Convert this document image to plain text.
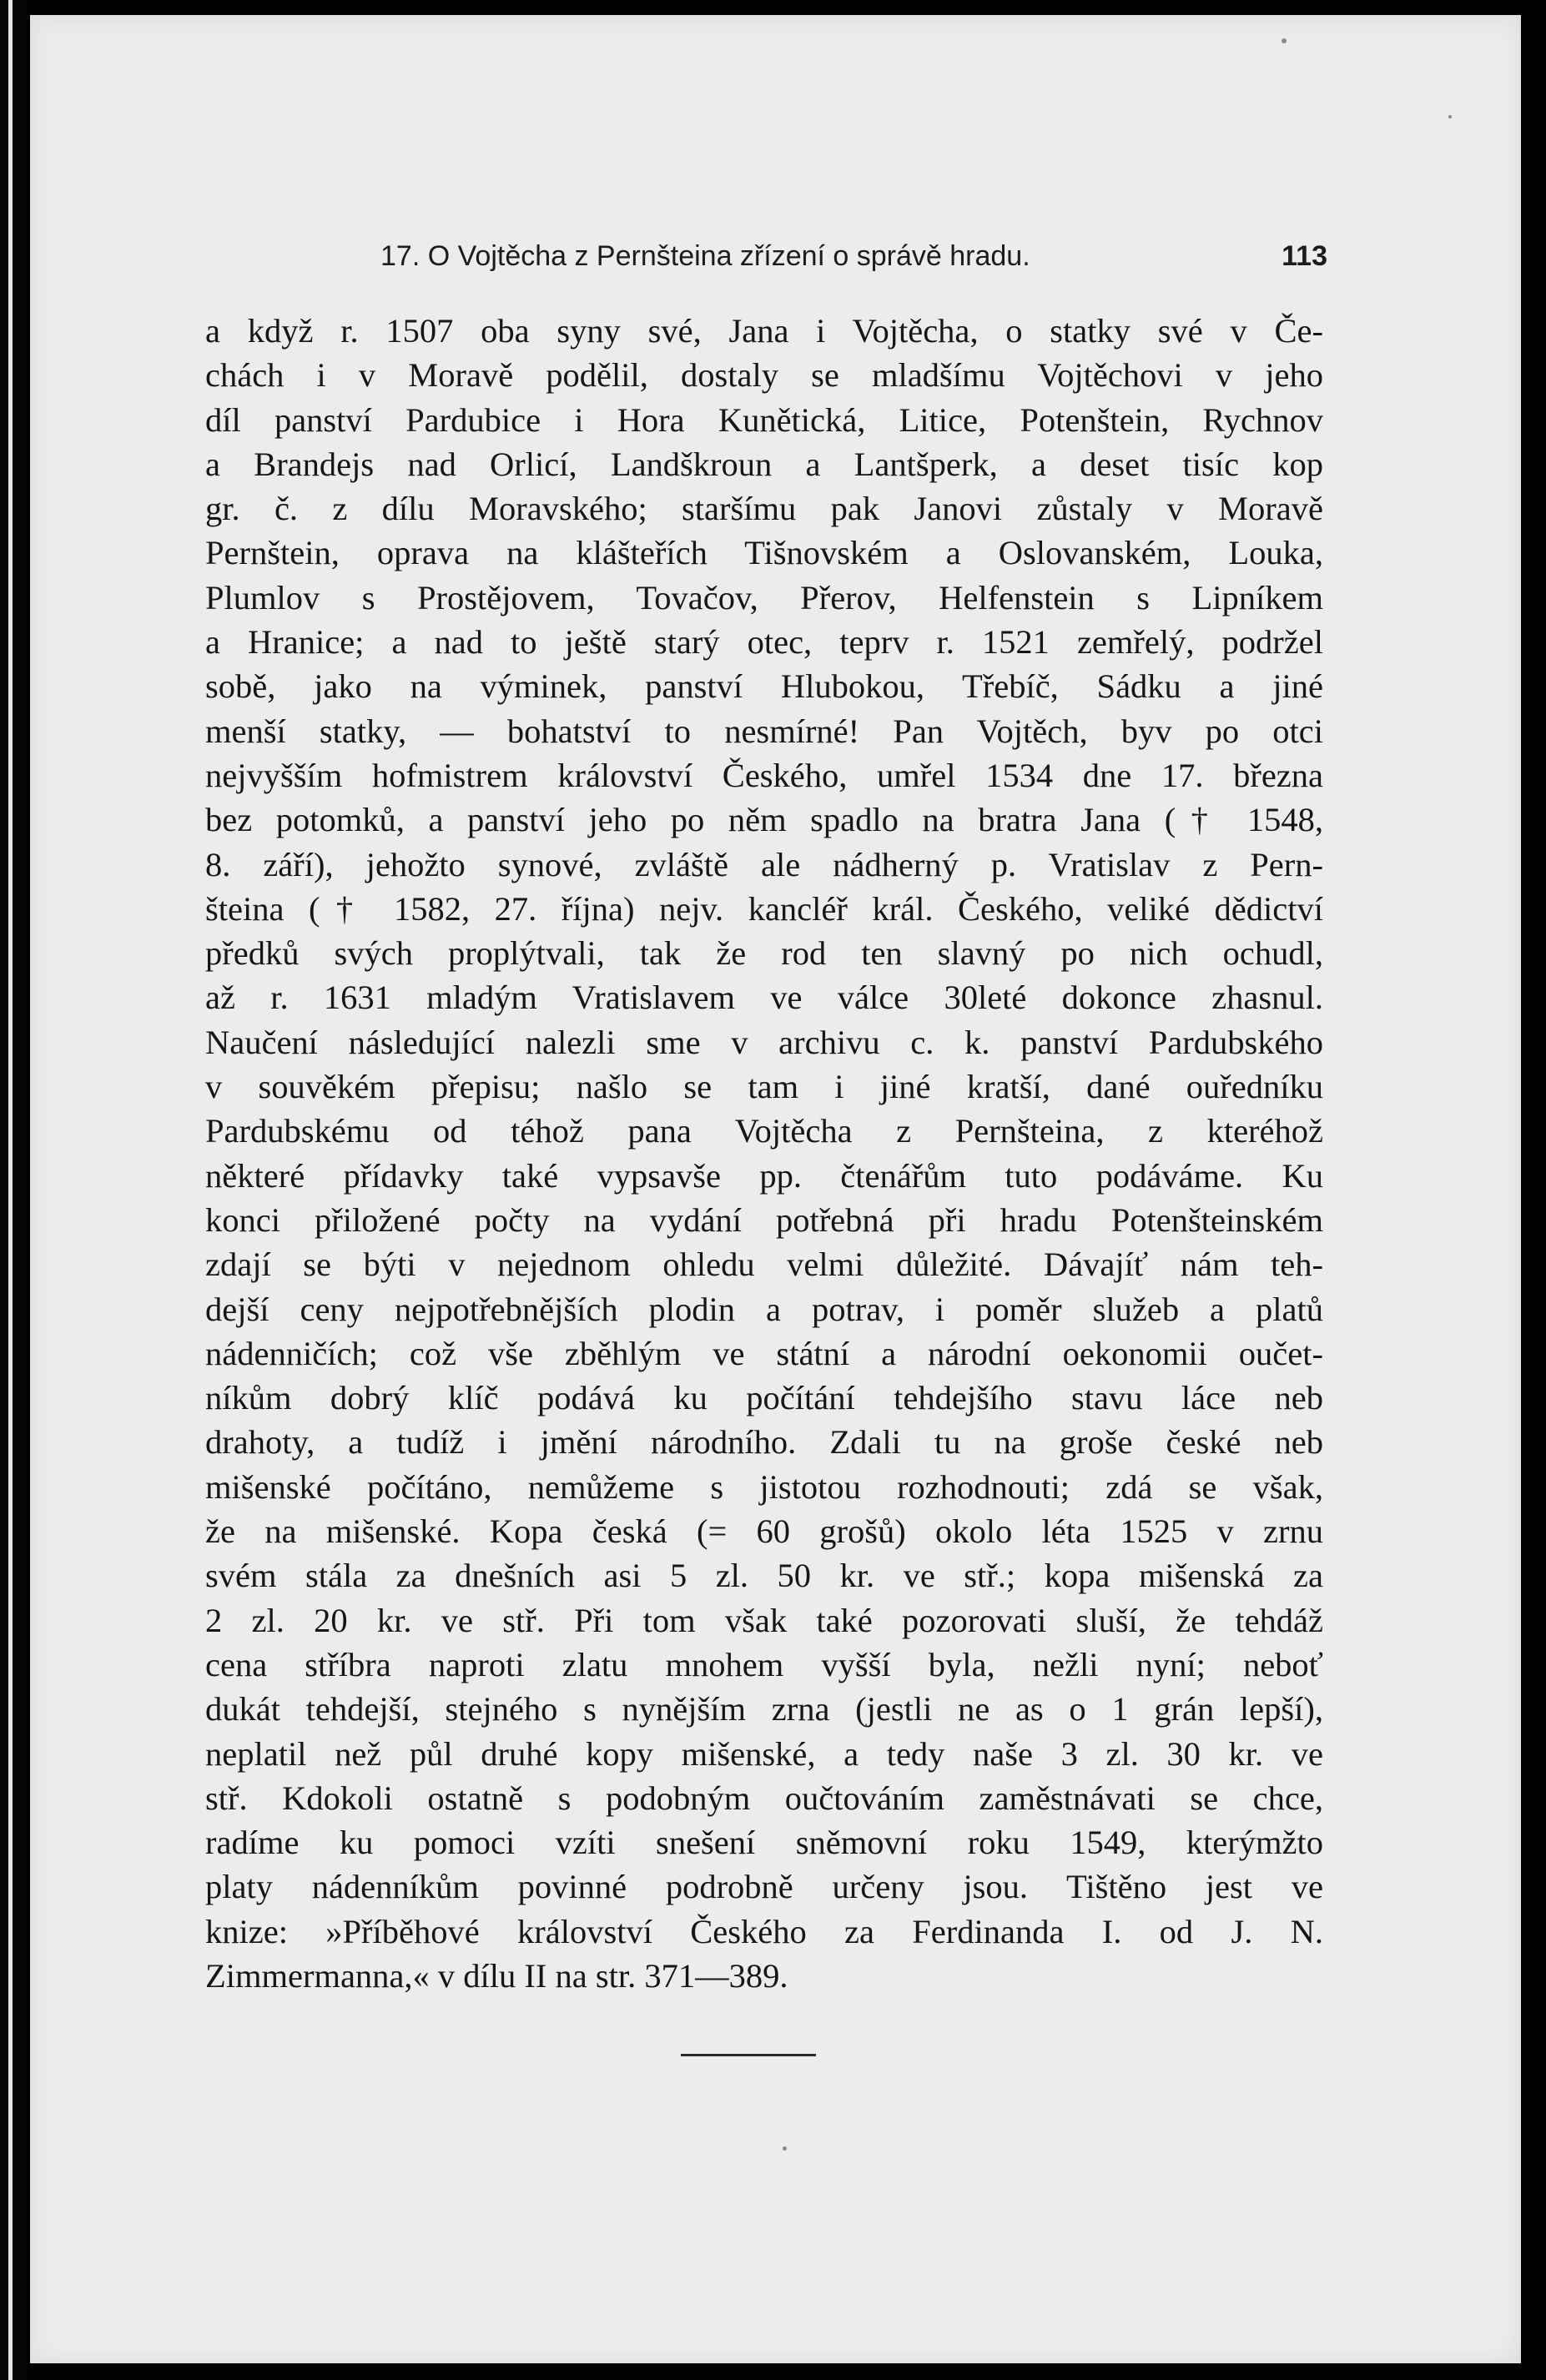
17. O Vojtěcha z Pernšteina zřízení o správě hradu.	113
a když r. 1507 oba syny své, Jana i Vojtěcha, o statky své v Če-
chách i v Moravě podělil, dostaly se mladšímu Vojtěchovi v jeho
díl panství Pardubice i Hora Kunětická, Litice, Potenštein, Rychnov
a Brandejs nad Orlicí, Landškroun a Lantšperk, a deset tisíc kop
gr. č. z dílu Moravského; staršímu pak Janovi zůstaly v Moravě
Pernštein, oprava na klášteřích Tišnovském a Oslovanském, Louka,
Plumlov s Prostějovem, Tovačov, Přerov, Helfenstein s Lipníkem
a Hranice; a nad to ještě starý otec, teprv r. 1521 zemřelý, podržel
sobě, jako na výminek, panství Hlubokou, Třebíč, Sádku a jiné
menší statky, — bohatství to nesmírné! Pan Vojtěch, byv po otci
nejvyšším hofmistrem království Českého, umřel 1534 dne 17. března
bez potomků, a panství jeho po něm spadlo na bratra Jana († 1548,
8. září), jehožto synové, zvláště ale nádherný p. Vratislav z Pern-
šteina († 1582, 27. října) nejv. kancléř král. Českého, veliké dědictví
předků svých proplýtvali, tak že rod ten slavný po nich ochudl,
až r. 1631 mladým Vratislavem ve válce 30leté dokonce zhasnul.
Naučení následující nalezli sme v archivu c. k. panství Pardubského
v souvěkém přepisu; našlo se tam i jiné kratší, dané ouředníku
Pardubskému od téhož pana Vojtěcha z Pernšteina, z kteréhož
některé přídavky také vypsavše pp. čtenářům tuto podáváme. Ku
konci přiložené počty na vydání potřebná při hradu Potenšteinském
zdají se býti v nejednom ohledu velmi důležité. Dávajíť nám teh-
dejší ceny nejpotřebnějších plodin a potrav, i poměr služeb a platů
nádenničích; což vše zběhlým ve státní a národní oekonomii oučet-
níkům dobrý klíč podává ku počítání tehdejšího stavu láce neb
drahoty, a tudíž i jmění národního. Zdali tu na groše české neb
mišenské počítáno, nemůžeme s jistotou rozhodnouti; zdá se však,
že na mišenské. Kopa česká (= 60 grošů) okolo léta 1525 v zrnu
svém stála za dnešních asi 5 zl. 50 kr. ve stř.; kopa mišenská za
2 zl. 20 kr. ve stř. Při tom však také pozorovati sluší, že tehdáž
cena stříbra naproti zlatu mnohem vyšší byla, nežli nyní; neboť
dukát tehdejší, stejného s nynějším zrna (jestli ne as o 1 grán lepší),
neplatil než půl druhé kopy mišenské, a tedy naše 3 zl. 30 kr. ve
stř. Kdokoli ostatně s podobným oučtováním zaměstnávati se chce,
radíme ku pomoci vzíti snešení sněmovní roku 1549, kterýmžto
platy nádenníkům povinné podrobně určeny jsou. Tištěno jest ve
knize: »Příběhové království Českého za Ferdinanda I. od J. N.
Zimmermanna,« v dílu II na str. 371—389.
